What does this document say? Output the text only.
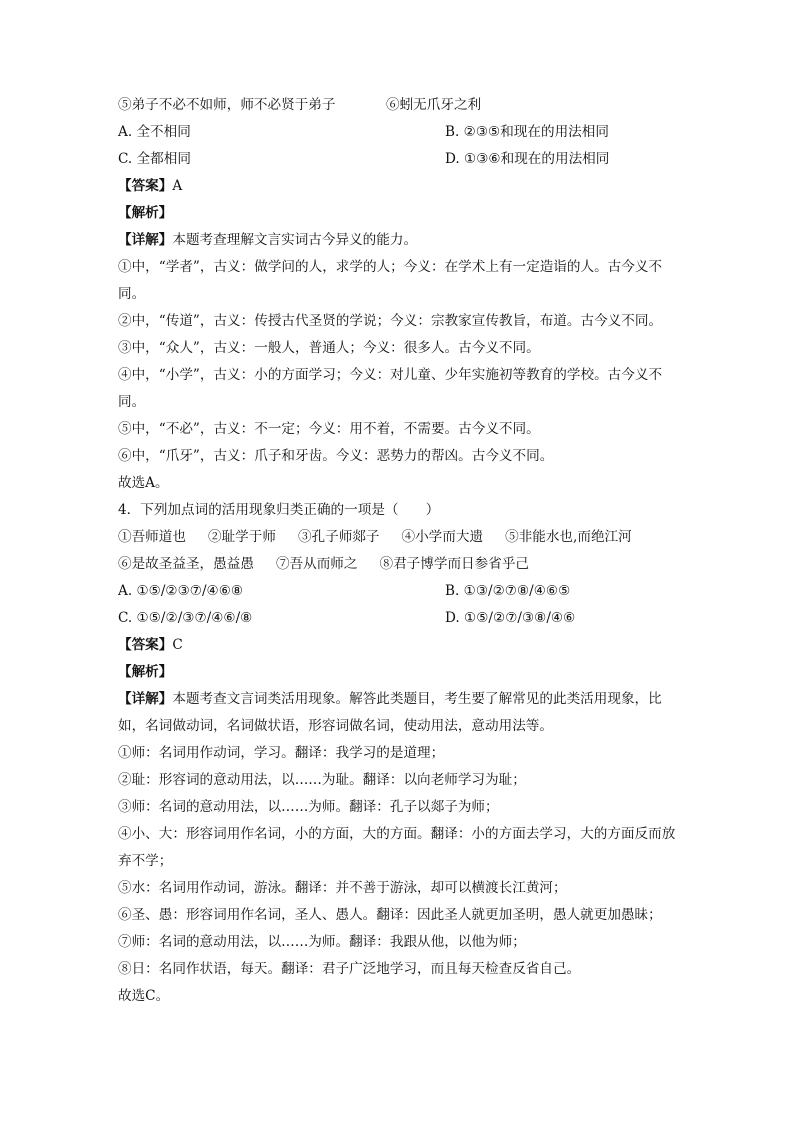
⑤弟子不必不如师，师不必贤于弟子	⑥蚓无爪牙之利
A. 全不相同	B. ②③⑤和现在的用法相同
C. 全都相同	D. ①③⑥和现在的用法相同
【答案】A
【解析】
【详解】本题考查理解文言实词古今异义的能力。
①中，“学者”，古义：做学问的人，求学的人；今义：在学术上有一定造诣的人。古今义不同。
②中，“传道”，古义：传授古代圣贤的学说；今义：宗教家宣传教旨，布道。古今义不同。
③中，“众人”，古义：一般人，普通人；今义：很多人。古今义不同。
④中，“小学”，古义：小的方面学习；今义：对儿童、少年实施初等教育的学校。古今义不同。
⑤中，“不必”，古义：不一定；今义：用不着，不需要。古今义不同。
⑥中，“爪牙”，古义：爪子和牙齿。今义：恶势力的帮凶。古今义不同。
故选A。
4．下列加点词的活用现象归类正确的一项是（　　）
①吾师道也 ②耻学于师 ③孔子师郯子 ④小学而大遗 ⑤非能水也,而绝江河
⑥是故圣益圣，愚益愚 ⑦吾从而师之 ⑧君子博学而日参省乎己
A. ①⑤/②③⑦/④⑥⑧	B. ①③/②⑦⑧/④⑥⑤
C. ①⑤/②/③⑦/④⑥/⑧	D. ①⑤/②⑦/③⑧/④⑥
【答案】C
【解析】
【详解】本题考查文言词类活用现象。解答此类题目，考生要了解常见的此类活用现象，比如，名词做动词，名词做状语，形容词做名词，使动用法，意动用法等。
①师：名词用作动词，学习。翻译：我学习的是道理；
②耻：形容词的意动用法，以……为耻。翻译：以向老师学习为耻；
③师：名词的意动用法，以……为师。翻译：孔子以郯子为师；
④小、大：形容词用作名词，小的方面，大的方面。翻译：小的方面去学习，大的方面反而放弃不学；
⑤水：名词用作动词，游泳。翻译：并不善于游泳，却可以横渡长江黄河；
⑥圣、愚：形容词用作名词，圣人、愚人。翻译：因此圣人就更加圣明，愚人就更加愚昧；
⑦师：名词的意动用法，以……为师。翻译：我跟从他，以他为师；
⑧日：名同作状语，每天。翻译：君子广泛地学习，而且每天检查反省自己。
故选C。
